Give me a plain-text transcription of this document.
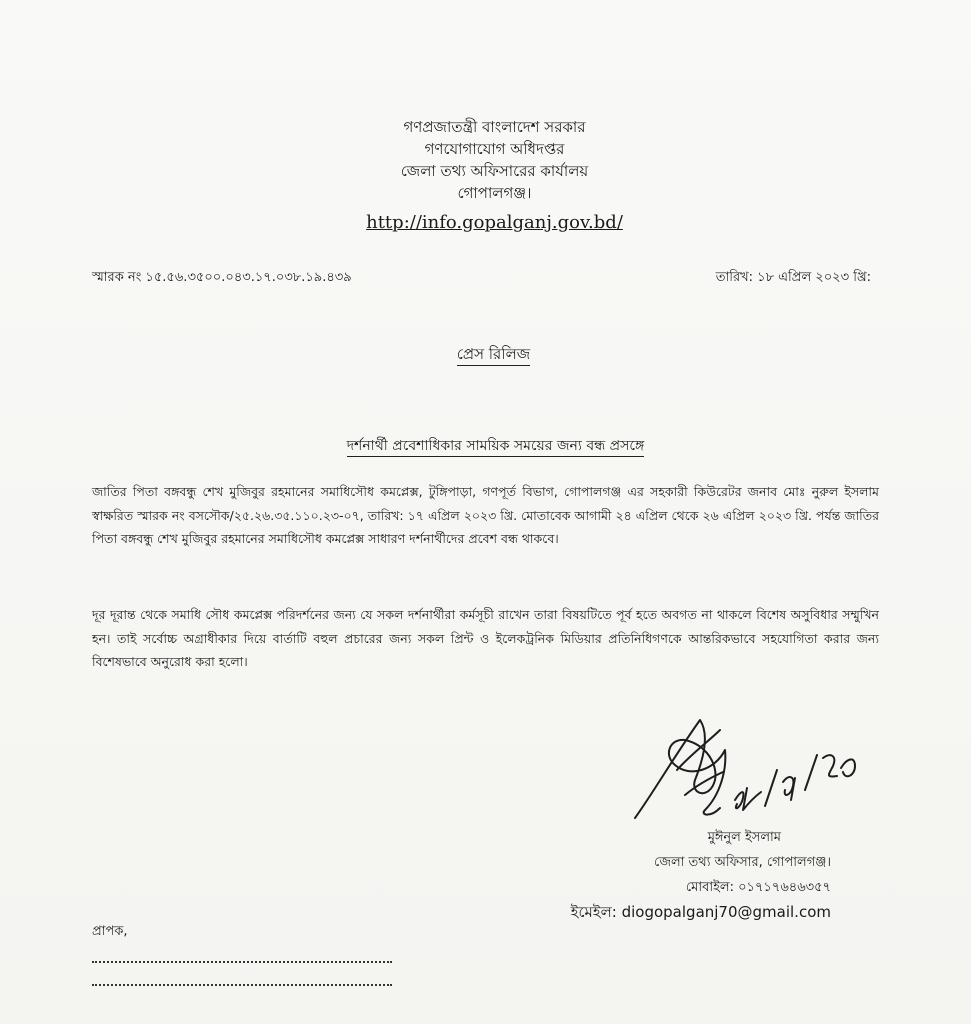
গণপ্রজাতন্ত্রী বাংলাদেশ সরকার
গণযোগাযোগ অধিদপ্তর
জেলা তথ্য অফিসারের কার্যালয়
গোপালগঞ্জ।
http://info.gopalganj.gov.bd/
স্মারক নং ১৫.৫৬.৩৫০০.০৪৩.১৭.০৩৮.১৯.৪৩৯	তারিখ: ১৮ এপ্রিল ২০২৩ খ্রি:
প্রেস রিলিজ
দর্শনার্থী প্রবেশাধিকার সাময়িক সময়ের জন্য বন্ধ প্রসঙ্গে
জাতির পিতা বঙ্গবন্ধু শেখ মুজিবুর রহমানের সমাধিসৌধ কমপ্লেক্স, টুঙ্গিপাড়া, গণপূর্ত বিভাগ, গোপালগঞ্জ এর সহকারী কিউরেটর জনাব মোঃ নুরুল ইসলাম স্বাক্ষরিত স্মারক নং বসসৌক/২৫.২৬.৩৫.১১০.২৩-০৭, তারিখ: ১৭ এপ্রিল ২০২৩ খ্রি. মোতাবেক আগামী ২৪ এপ্রিল থেকে ২৬ এপ্রিল ২০২৩ খ্রি. পর্যন্ত জাতির পিতা বঙ্গবন্ধু শেখ মুজিবুর রহমানের সমাধিসৌধ কমপ্লেক্স সাধারণ দর্শনার্থীদের প্রবেশ বন্ধ থাকবে।
দূর দূরান্ত থেকে সমাধি সৌধ কমপ্লেক্স পরিদর্শনের জন্য যে সকল দর্শনার্থীরা কর্মসূচী রাখেন তারা বিষয়টিতে পূর্ব হতে অবগত না থাকলে বিশেষ অসুবিধার সম্মুখিন হন। তাই সর্বোচ্চ অগ্রাধীকার দিয়ে বার্তাটি বহুল প্রচারের জন্য সকল প্রিন্ট ও ইলেকট্রনিক মিডিয়ার প্রতিনিধিগণকে আন্তরিকভাবে সহযোগিতা করার জন্য বিশেষভাবে অনুরোধ করা হলো।
মুঈনুল ইসলাম
জেলা তথ্য অফিসার, গোপালগঞ্জ।
মোবাইল: ০১৭১৭৬৪৬৩৫৭
ইমেইল: diogopalganj70@gmail.com
প্রাপক,
